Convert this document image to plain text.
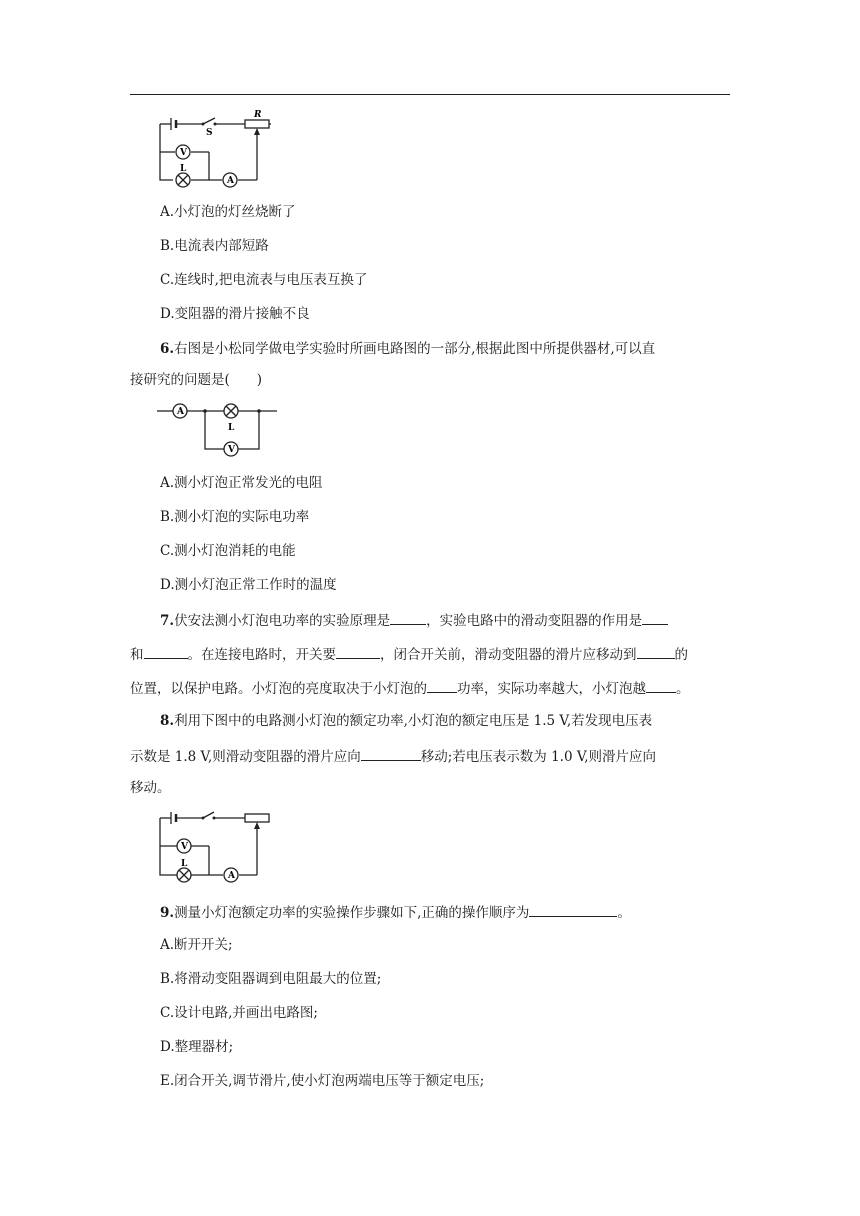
S
R
V
L
A
A.小灯泡的灯丝烧断了
B.电流表内部短路
C.连线时,把电流表与电压表互换了
D.变阻器的滑片接触不良
6.右图是小松同学做电学实验时所画电路图的一部分,根据此图中所提供器材,可以直
接研究的问题是(　　)
A
L
V
A.测小灯泡正常发光的电阻
B.测小灯泡的实际电功率
C.测小灯泡消耗的电能
D.测小灯泡正常工作时的温度
7.伏安法测小灯泡电功率的实验原理是	，实验电路中的滑动变阻器的作用是
和	。在连接电路时，开关要	，闭合开关前，滑动变阻器的滑片应移动到	的
位置，以保护电路。小灯泡的亮度取决于小灯泡的 功率，实际功率越大，小灯泡越 。
8.利用下图中的电路测小灯泡的额定功率,小灯泡的额定电压是 1.5 V,若发现电压表
示数是 1.8 V,则滑动变阻器的滑片应向	移动;若电压表示数为 1.0 V,则滑片应向
移动。
V
L
A
9.测量小灯泡额定功率的实验操作步骤如下,正确的操作顺序为	。
A.断开开关;
B.将滑动变阻器调到电阻最大的位置;
C.设计电路,并画出电路图;
D.整理器材;
E.闭合开关,调节滑片,使小灯泡两端电压等于额定电压;
